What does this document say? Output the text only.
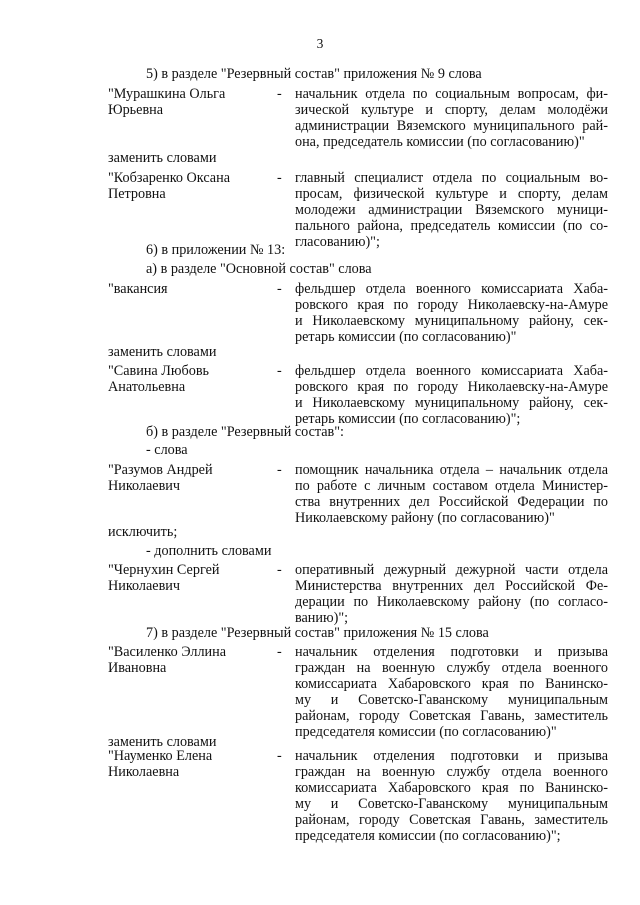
3
5) в разделе "Резервный состав" приложения № 9 слова
"Мурашкина Ольга
Юрьевна
- начальник отдела по социальным вопросам, фи-
зической культуре и спорту, делам молодёжи
администрации Вяземского муниципального рай-
она, председатель комиссии (по согласованию)"
заменить словами
"Кобзаренко Оксана
Петровна
- главный специалист отдела по социальным во-
просам, физической культуре и спорту, делам
молодежи администрации Вяземского муници-
пального района, председатель комиссии (по со-
гласованию)";
6) в приложении № 13:
а) в разделе "Основной состав" слова
"вакансия	- фельдшер отдела военного комиссариата Хаба-
ровского края по городу Николаевску-на-Амуре
и Николаевскому муниципальному району, сек-
ретарь комиссии (по согласованию)"
заменить словами
"Савина Любовь
Анатольевна
- фельдшер отдела военного комиссариата Хаба-
ровского края по городу Николаевску-на-Амуре
и Николаевскому муниципальному району, сек-
ретарь комиссии (по согласованию)";
б) в разделе "Резервный состав":
- слова
"Разумов Андрей
Николаевич
- помощник начальника отдела – начальник отдела
по работе с личным составом отдела Министер-
ства внутренних дел Российской Федерации по
Николаевскому району (по согласованию)"
исключить;
- дополнить словами
"Чернухин Сергей
Николаевич
- оперативный дежурный дежурной части отдела
Министерства внутренних дел Российской Фе-
дерации по Николаевскому району (по согласо-
ванию)";
7) в разделе "Резервный состав" приложения № 15 слова
"Василенко Эллина
Ивановна
- начальник отделения подготовки и призыва
граждан на военную службу отдела военного
комиссариата Хабаровского края по Ванинско-
му и Советско-Гаванскому муниципальным
районам, городу Советская Гавань, заместитель
председателя комиссии (по согласованию)"
заменить словами
"Науменко Елена
Николаевна
- начальник отделения подготовки и призыва
граждан на военную службу отдела военного
комиссариата Хабаровского края по Ванинско-
му и Советско-Гаванскому муниципальным
районам, городу Советская Гавань, заместитель
председателя комиссии (по согласованию)";
